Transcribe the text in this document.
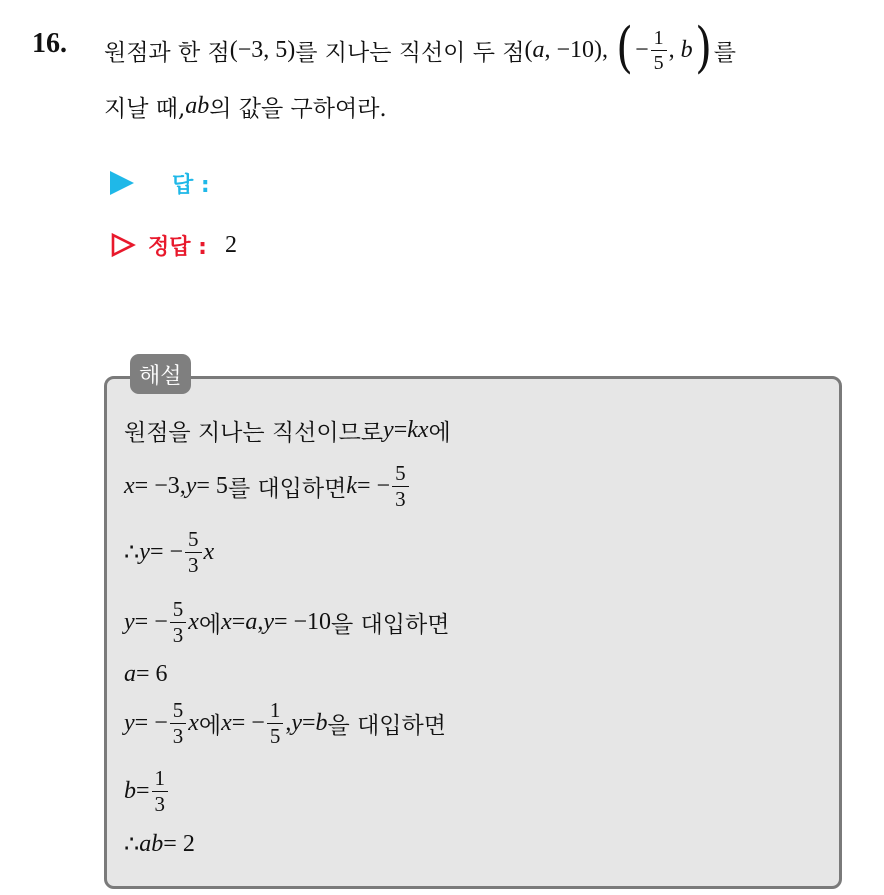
16. 원점과 한 점 (−3, 5) 를 지나는 직선이 두 점 (a, −10), ( − $\frac{1}{5}$ , b ) 를
지날 때, ab 의 값을 구하여라.
답 :
정답 : 2
해설
원점을 지나는 직선이므로 y = kx 에
x = −3, y = 5 를 대입하면 k = − $\frac{5}{3}$
∴ y = − $\frac{5}{3}$ x
y = − $\frac{5}{3}$ x 에 x = a , y = −10 을 대입하면
a = 6
y = − $\frac{5}{3}$ x 에 x = − $\frac{1}{5}$ , y = b 을 대입하면
$b = \frac{1}{3}$
∴ ab = 2
